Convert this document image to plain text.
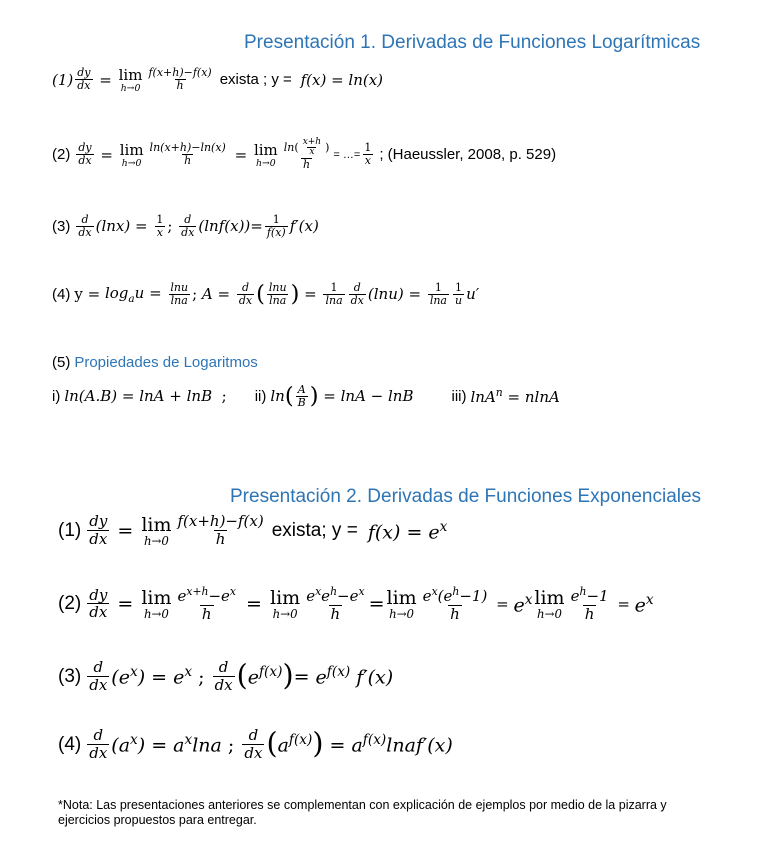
Presentación 1. Derivadas de Funciones Logarítmicas
Presentación 2. Derivadas de Funciones Exponenciales
$(1) \frac{dy}{dx} = \lim$
h→0
f(x+h)−f(x)
h exista ; y = f(x) = ln(x)
$(2) \frac{dy}{dx} = \lim$
$h\to 0 \frac{\ln(x+h)-\ln(x)}{h} = \lim$
$h\to 0 \frac{\ln( \frac{x+h}{x} )}{h}$ = …= $\frac{1}{x}$ ; (Haeussler, 2008, p. 529)
(3) d
dx $(\ln x) = \frac{1}{x}$ ; d
dx $(\ln f(x))= \frac{1}{f(x)} f'(x)$
(4) $y = \log_au = \frac{\ln u}{\ln a}$ ; $A = \frac{d}{dx}$ ( lnu
lna ) = $\frac{1}{\ln a}$ d
dx $(\ln u) = \frac{1}{\ln a} 1$
u u′
(5) Propiedades de Logaritmos
i) ln(A.B) = lnA + lnB  ; ii) ln ( A
B ) = lnA − lnB	iii) lnA$^n$ = nlnA
$(1) \frac{dy}{dx} = \lim$
h→0
f(x+h)−f(x)
h exista; $y = f(x) = e^x$
$(2) \frac{dy}{dx} = \lim$
$h\to 0 \frac{e^{x+h}-e^x}{h} = \lim$
h→0
$e^xe^h-e^x$
h = lim
$h\to 0 \frac{e^x(e^h-1)}{h} = e^x$ lim
$h\to 0 \frac{e^h-1}{h} = e^x$
(3) d
dx $(e^x) = e^x$ ; d
dx ( $e^{f(x)}$ ) = $e^{f(x)}$ f′(x)
(4) d
dx $(a^x) = a^x\ln a$ ; d
dx ( $a^{f(x)}$ ) = $a^{f(x)}lnaf'(x)$
*Nota: Las presentaciones anteriores se complementan con explicación de ejemplos por medio de la pizarra y ejercicios propuestos para entregar.
